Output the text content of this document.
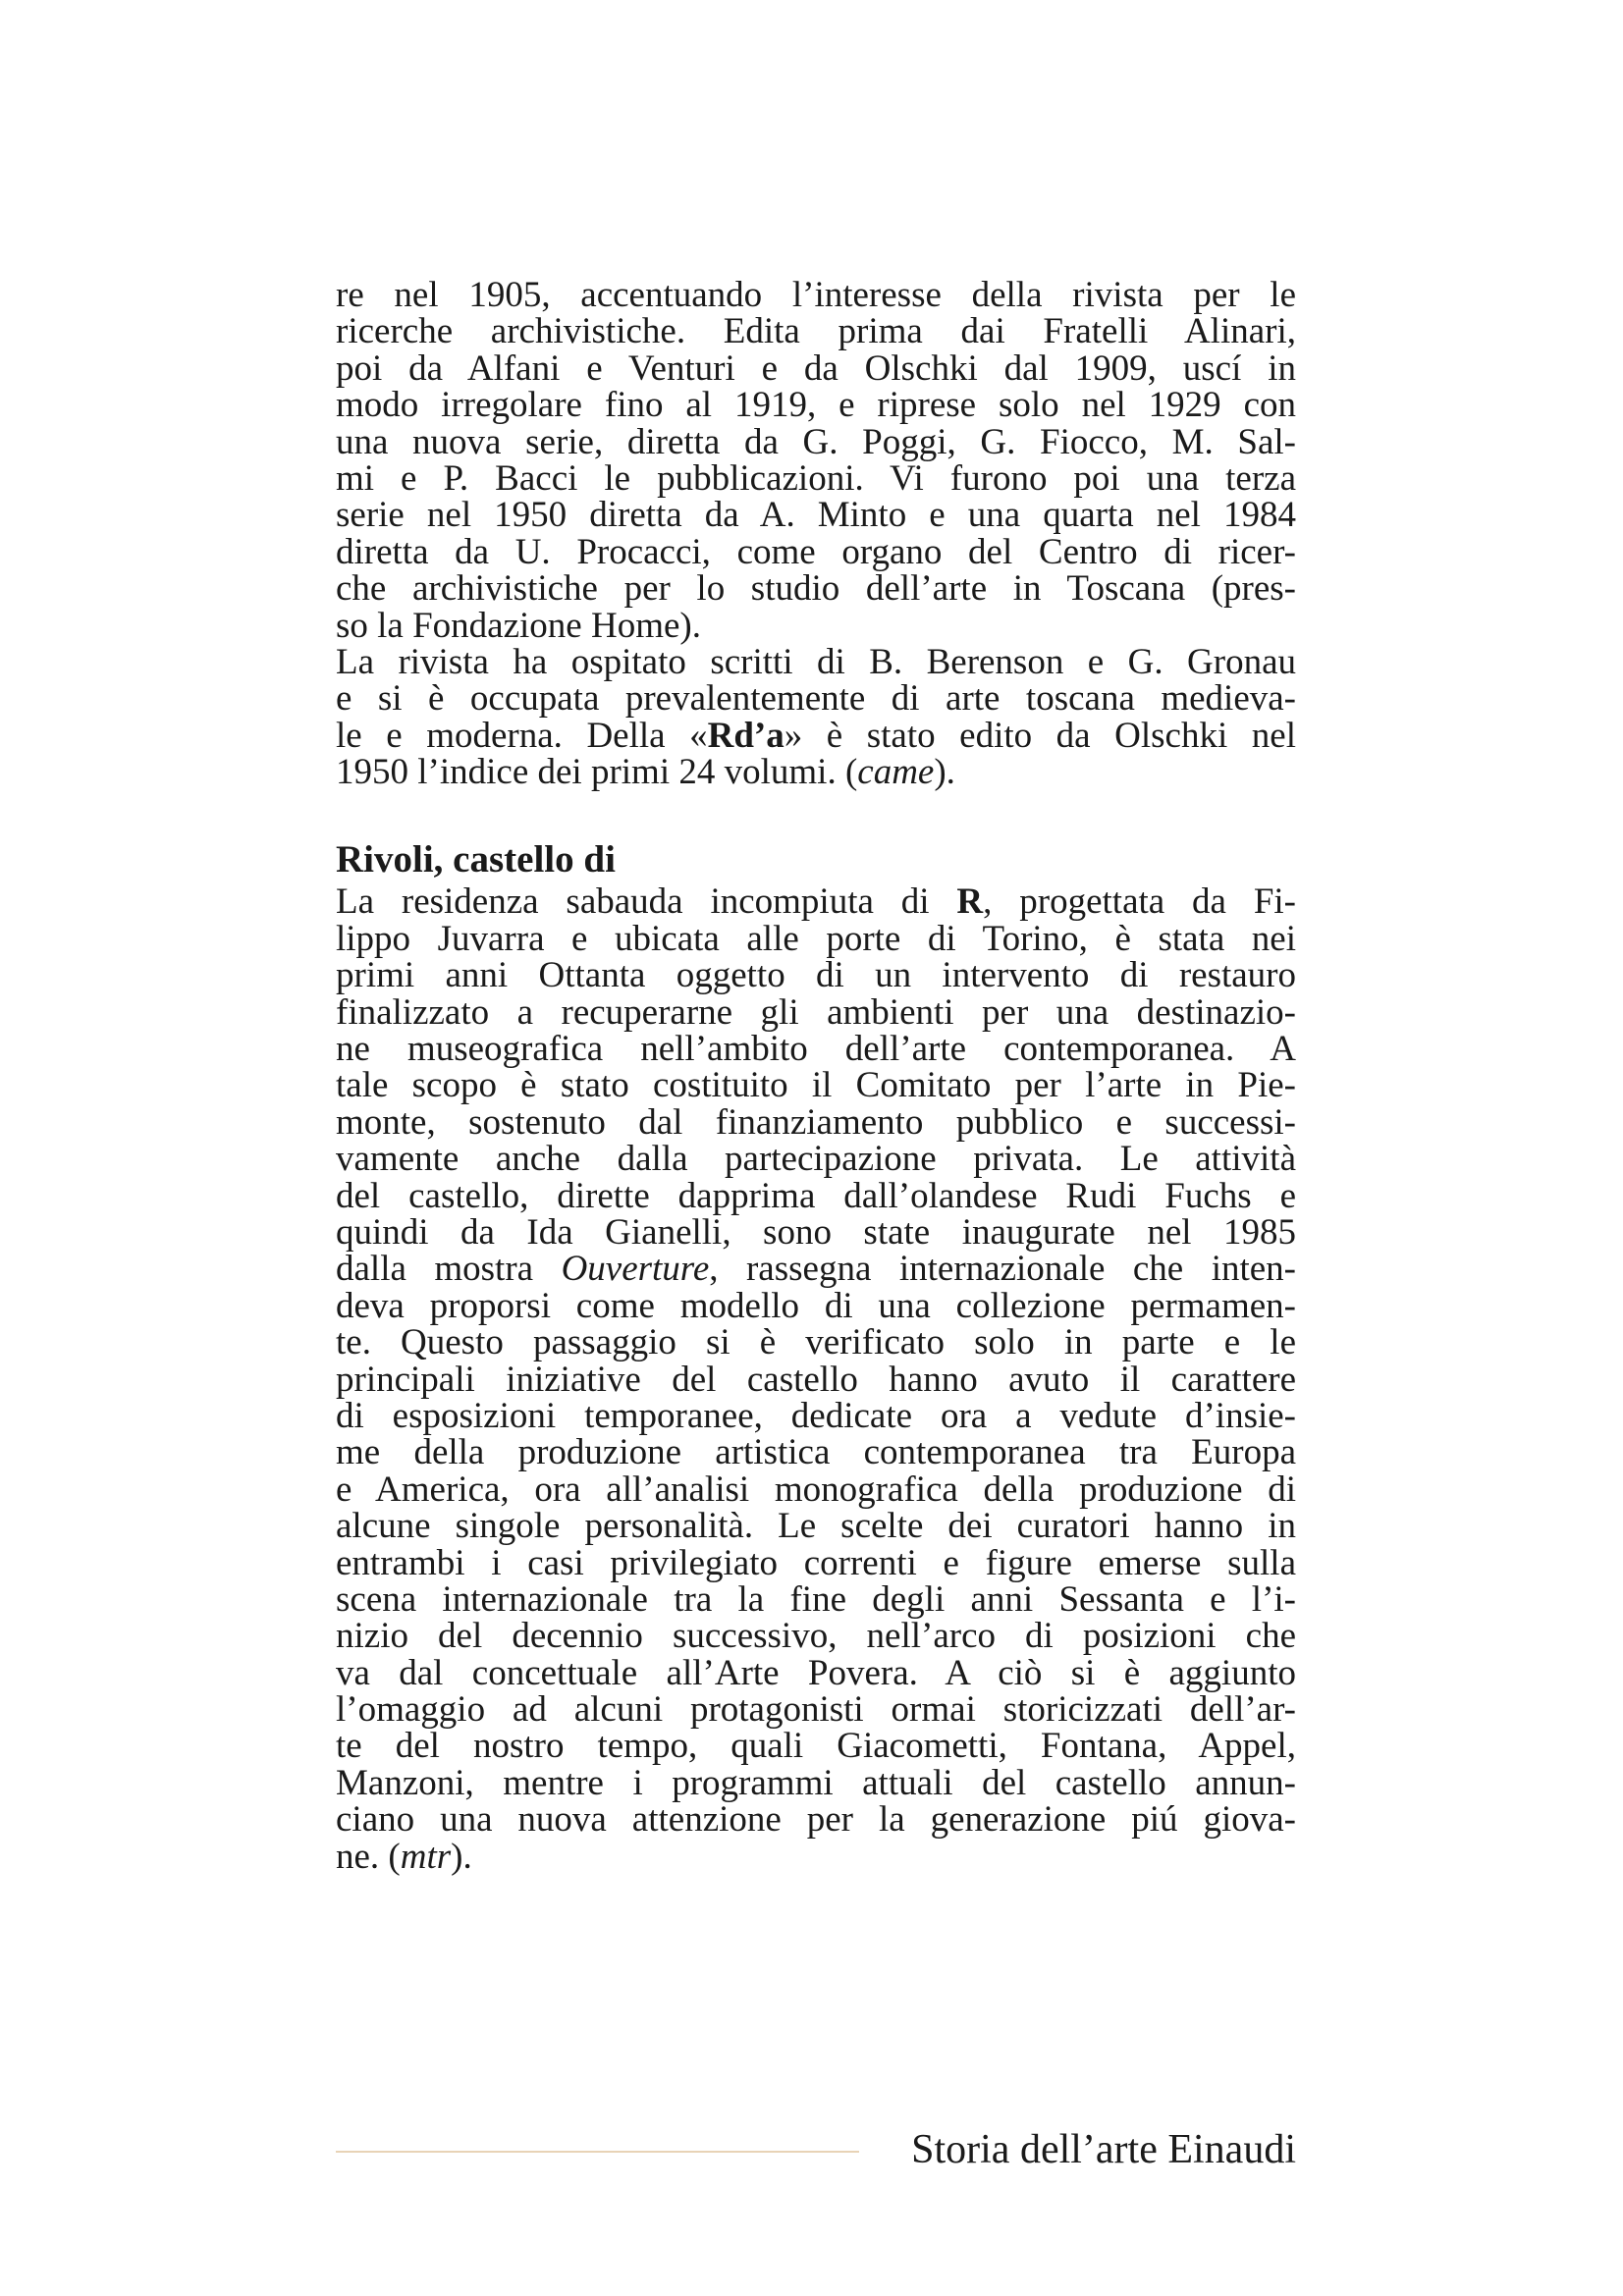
re nel 1905, accentuando l’interesse della rivista per le
ricerche archivistiche. Edita prima dai Fratelli Alinari,
poi da Alfani e Venturi e da Olschki dal 1909, uscí in
modo irregolare fino al 1919, e riprese solo nel 1929 con
una nuova serie, diretta da G. Poggi, G. Fiocco, M. Sal-
mi e P. Bacci le pubblicazioni. Vi furono poi una terza
serie nel 1950 diretta da A. Minto e una quarta nel 1984
diretta da U. Procacci, come organo del Centro di ricer-
che archivistiche per lo studio dell’arte in Toscana (pres-
so la Fondazione Home).
La rivista ha ospitato scritti di B. Berenson e G. Gronau
e si è occupata prevalentemente di arte toscana medieva-
le e moderna. Della «Rd’a» è stato edito da Olschki nel
1950 l’indice dei primi 24 volumi. (came).
Rivoli, castello di
La residenza sabauda incompiuta di R, progettata da Fi-
lippo Juvarra e ubicata alle porte di Torino, è stata nei
primi anni Ottanta oggetto di un intervento di restauro
finalizzato a recuperarne gli ambienti per una destinazio-
ne museografica nell’ambito dell’arte contemporanea. A
tale scopo è stato costituito il Comitato per l’arte in Pie-
monte, sostenuto dal finanziamento pubblico e successi-
vamente anche dalla partecipazione privata. Le attività
del castello, dirette dapprima dall’olandese Rudi Fuchs e
quindi da Ida Gianelli, sono state inaugurate nel 1985
dalla mostra Ouverture, rassegna internazionale che inten-
deva proporsi come modello di una collezione permamen-
te. Questo passaggio si è verificato solo in parte e le
principali iniziative del castello hanno avuto il carattere
di esposizioni temporanee, dedicate ora a vedute d’insie-
me della produzione artistica contemporanea tra Europa
e America, ora all’analisi monografica della produzione di
alcune singole personalità. Le scelte dei curatori hanno in
entrambi i casi privilegiato correnti e figure emerse sulla
scena internazionale tra la fine degli anni Sessanta e l’i-
nizio del decennio successivo, nell’arco di posizioni che
va dal concettuale all’Arte Povera. A ciò si è aggiunto
l’omaggio ad alcuni protagonisti ormai storicizzati dell’ar-
te del nostro tempo, quali Giacometti, Fontana, Appel,
Manzoni, mentre i programmi attuali del castello annun-
ciano una nuova attenzione per la generazione piú giova-
ne. (mtr).
Storia dell’arte Einaudi
